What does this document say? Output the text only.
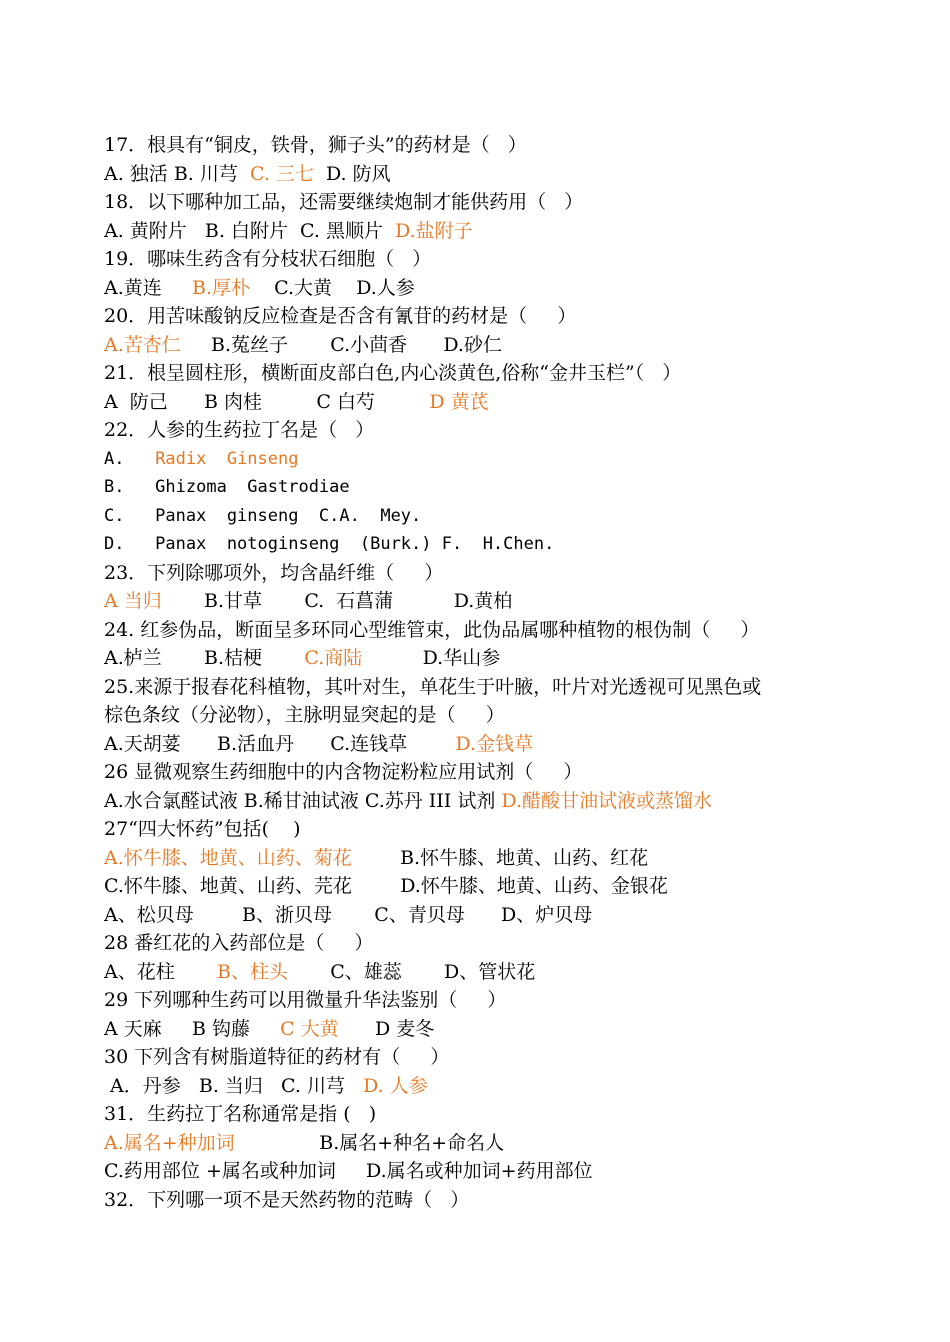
17．根具有“铜皮，铁骨，狮子头”的药材是（   ）
A. 独活 B. 川芎  C. 三七  D. 防风
18．以下哪种加工品，还需要继续炮制才能供药用（   ）
A. 黄附片   B. 白附片  C. 黑顺片  D.盐附子
19．哪味生药含有分枝状石细胞（   ）
A.黄连     B.厚朴    C.大黄    D.人参
20．用苦味酸钠反应检查是否含有氰苷的药材是（     ）
A.苦杏仁     B.菟丝子       C.小茴香      D.砂仁
21．根呈圆柱形，横断面皮部白色,内心淡黄色,俗称“金井玉栏”（   ）
A  防己      B 肉桂         C 白芍         D 黄芪
22．人参的生药拉丁名是（   ）
A.   Radix  Ginseng
B.   Ghizoma  Gastrodiae
C.   Panax  ginseng  C.A.  Mey.
D.   Panax  notoginseng  (Burk.) F.  H.Chen.
23．下列除哪项外，均含晶纤维（     ）
A 当归       B.甘草       C.  石菖蒲          D.黄柏
24. 红参伪品，断面呈多环同心型维管束，此伪品属哪种植物的根伪制（     ）
A.栌兰       B.桔梗       C.商陆          D.华山参
25.来源于报春花科植物，其叶对生，单花生于叶腋，叶片对光透视可见黑色或
棕色条纹（分泌物），主脉明显突起的是（     ）
A.天胡荽      B.活血丹      C.连钱草        D.金钱草
26 显微观察生药细胞中的内含物淀粉粒应用试剂（     ）
A.水合氯醛试液 B.稀甘油试液 C.苏丹 III 试剂 D.醋酸甘油试液或蒸馏水
27“四大怀药”包括(    )
A.怀牛膝、地黄、山药、菊花        B.怀牛膝、地黄、山药、红花
C.怀牛膝、地黄、山药、芫花        D.怀牛膝、地黄、山药、金银花
A、松贝母        B、浙贝母       C、青贝母      D、炉贝母
28 番红花的入药部位是（     ）
A、花柱       B、柱头       C、雄蕊       D、管状花
29 下列哪种生药可以用微量升华法鉴别（     ）
A 天麻     B 钩藤     C 大黄      D 麦冬
30 下列含有树脂道特征的药材有（     ）
A．丹参   B. 当归   C. 川芎   D. 人参
31．生药拉丁名称通常是指 (   )
A.属名+种加词              B.属名+种名+命名人
C.药用部位 +属名或种加词     D.属名或种加词+药用部位
32．下列哪一项不是天然药物的范畴（   ）
